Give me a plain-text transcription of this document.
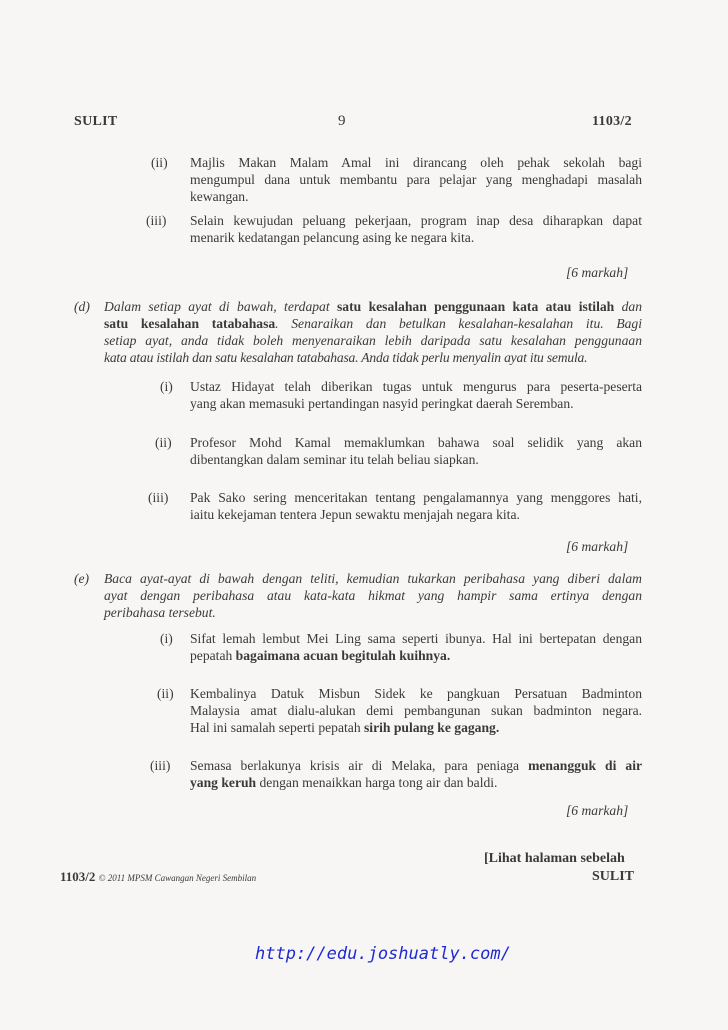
SULIT	9	1103/2
(ii) Majlis Makan Malam Amal ini dirancang oleh pehak sekolah bagi
mengumpul dana untuk membantu para pelajar yang menghadapi masalah
kewangan.
(iii) Selain kewujudan peluang pekerjaan, program inap desa diharapkan dapat
menarik kedatangan pelancung asing ke negara kita.
[6 markah]
(d) Dalam setiap ayat di bawah, terdapat satu kesalahan penggunaan kata atau istilah dan
satu kesalahan tatabahasa. Senaraikan dan betulkan kesalahan-kesalahan itu. Bagi
setiap ayat, anda tidak boleh menyenaraikan lebih daripada satu kesalahan penggunaan
kata atau istilah dan satu kesalahan tatabahasa. Anda tidak perlu menyalin ayat itu semula.
(i) Ustaz Hidayat telah diberikan tugas untuk mengurus para peserta-peserta
yang akan memasuki pertandingan nasyid peringkat daerah Seremban.
(ii) Profesor Mohd Kamal memaklumkan bahawa soal selidik yang akan
dibentangkan dalam seminar itu telah beliau siapkan.
(iii) Pak Sako sering menceritakan tentang pengalamannya yang menggores hati,
iaitu kekejaman tentera Jepun sewaktu menjajah negara kita.
[6 markah]
(e) Baca ayat-ayat di bawah dengan teliti, kemudian tukarkan peribahasa yang diberi dalam
ayat dengan peribahasa atau kata-kata hikmat yang hampir sama ertinya dengan
peribahasa tersebut.
(i) Sifat lemah lembut Mei Ling sama seperti ibunya. Hal ini bertepatan dengan
pepatah bagaimana acuan begitulah kuihnya.
(ii) Kembalinya Datuk Misbun Sidek ke pangkuan Persatuan Badminton
Malaysia amat dialu-alukan demi pembangunan sukan badminton negara.
Hal ini samalah seperti pepatah sirih pulang ke gagang.
(iii) Semasa berlakunya krisis air di Melaka, para peniaga menangguk di air
yang keruh dengan menaikkan harga tong air dan baldi.
[6 markah]
[Lihat halaman sebelah
1103/2 © 2011 MPSM Cawangan Negeri Sembilan	SULIT
http://edu.joshuatly.com/
